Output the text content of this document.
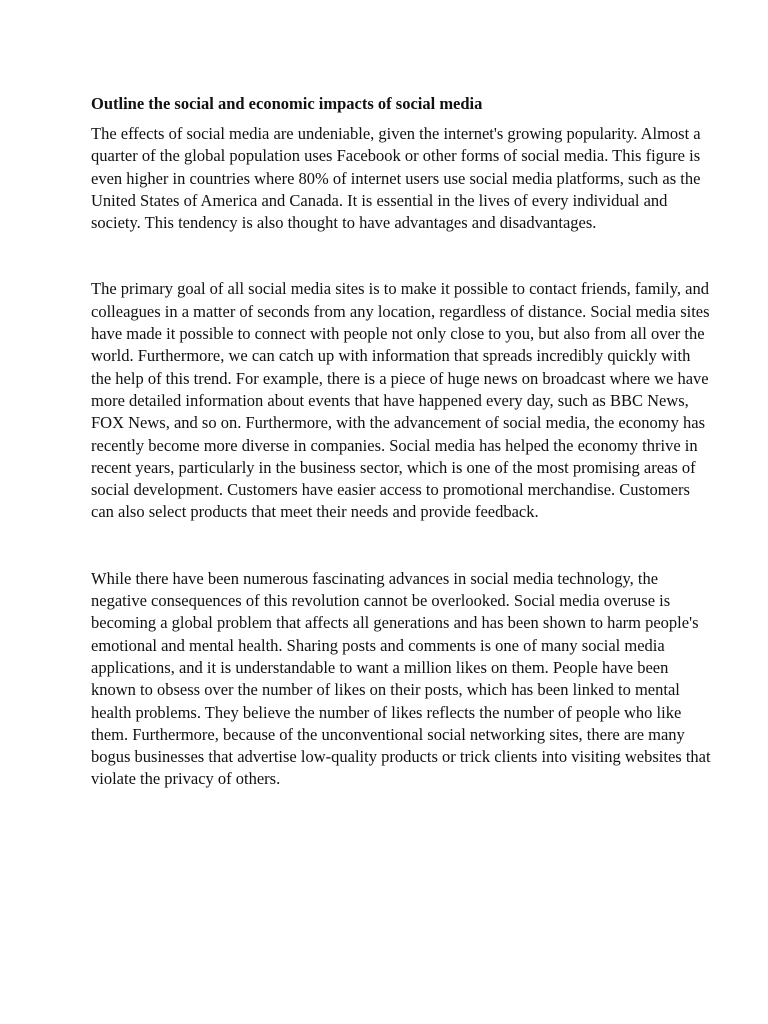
Outline the social and economic impacts of social media

The effects of social media are undeniable, given the internet's growing popularity. Almost a quarter of the global population uses Facebook or other forms of social media. This figure is even higher in countries where 80% of internet users use social media platforms, such as the United States of America and Canada. It is essential in the lives of every individual and society. This tendency is also thought to have advantages and disadvantages.

The primary goal of all social media sites is to make it possible to contact friends, family, and colleagues in a matter of seconds from any location, regardless of distance. Social media sites have made it possible to connect with people not only close to you, but also from all over the world. Furthermore, we can catch up with information that spreads incredibly quickly with the help of this trend. For example, there is a piece of huge news on broadcast where we have more detailed information about events that have happened every day, such as BBC News, FOX News, and so on. Furthermore, with the advancement of social media, the economy has recently become more diverse in companies. Social media has helped the economy thrive in recent years, particularly in the business sector, which is one of the most promising areas of social development. Customers have easier access to promotional merchandise. Customers can also select products that meet their needs and provide feedback.

While there have been numerous fascinating advances in social media technology, the negative consequences of this revolution cannot be overlooked. Social media overuse is becoming a global problem that affects all generations and has been shown to harm people's emotional and mental health. Sharing posts and comments is one of many social media applications, and it is understandable to want a million likes on them. People have been known to obsess over the number of likes on their posts, which has been linked to mental health problems. They believe the number of likes reflects the number of people who like them. Furthermore, because of the unconventional social networking sites, there are many bogus businesses that advertise low-quality products or trick clients into visiting websites that violate the privacy of others.
